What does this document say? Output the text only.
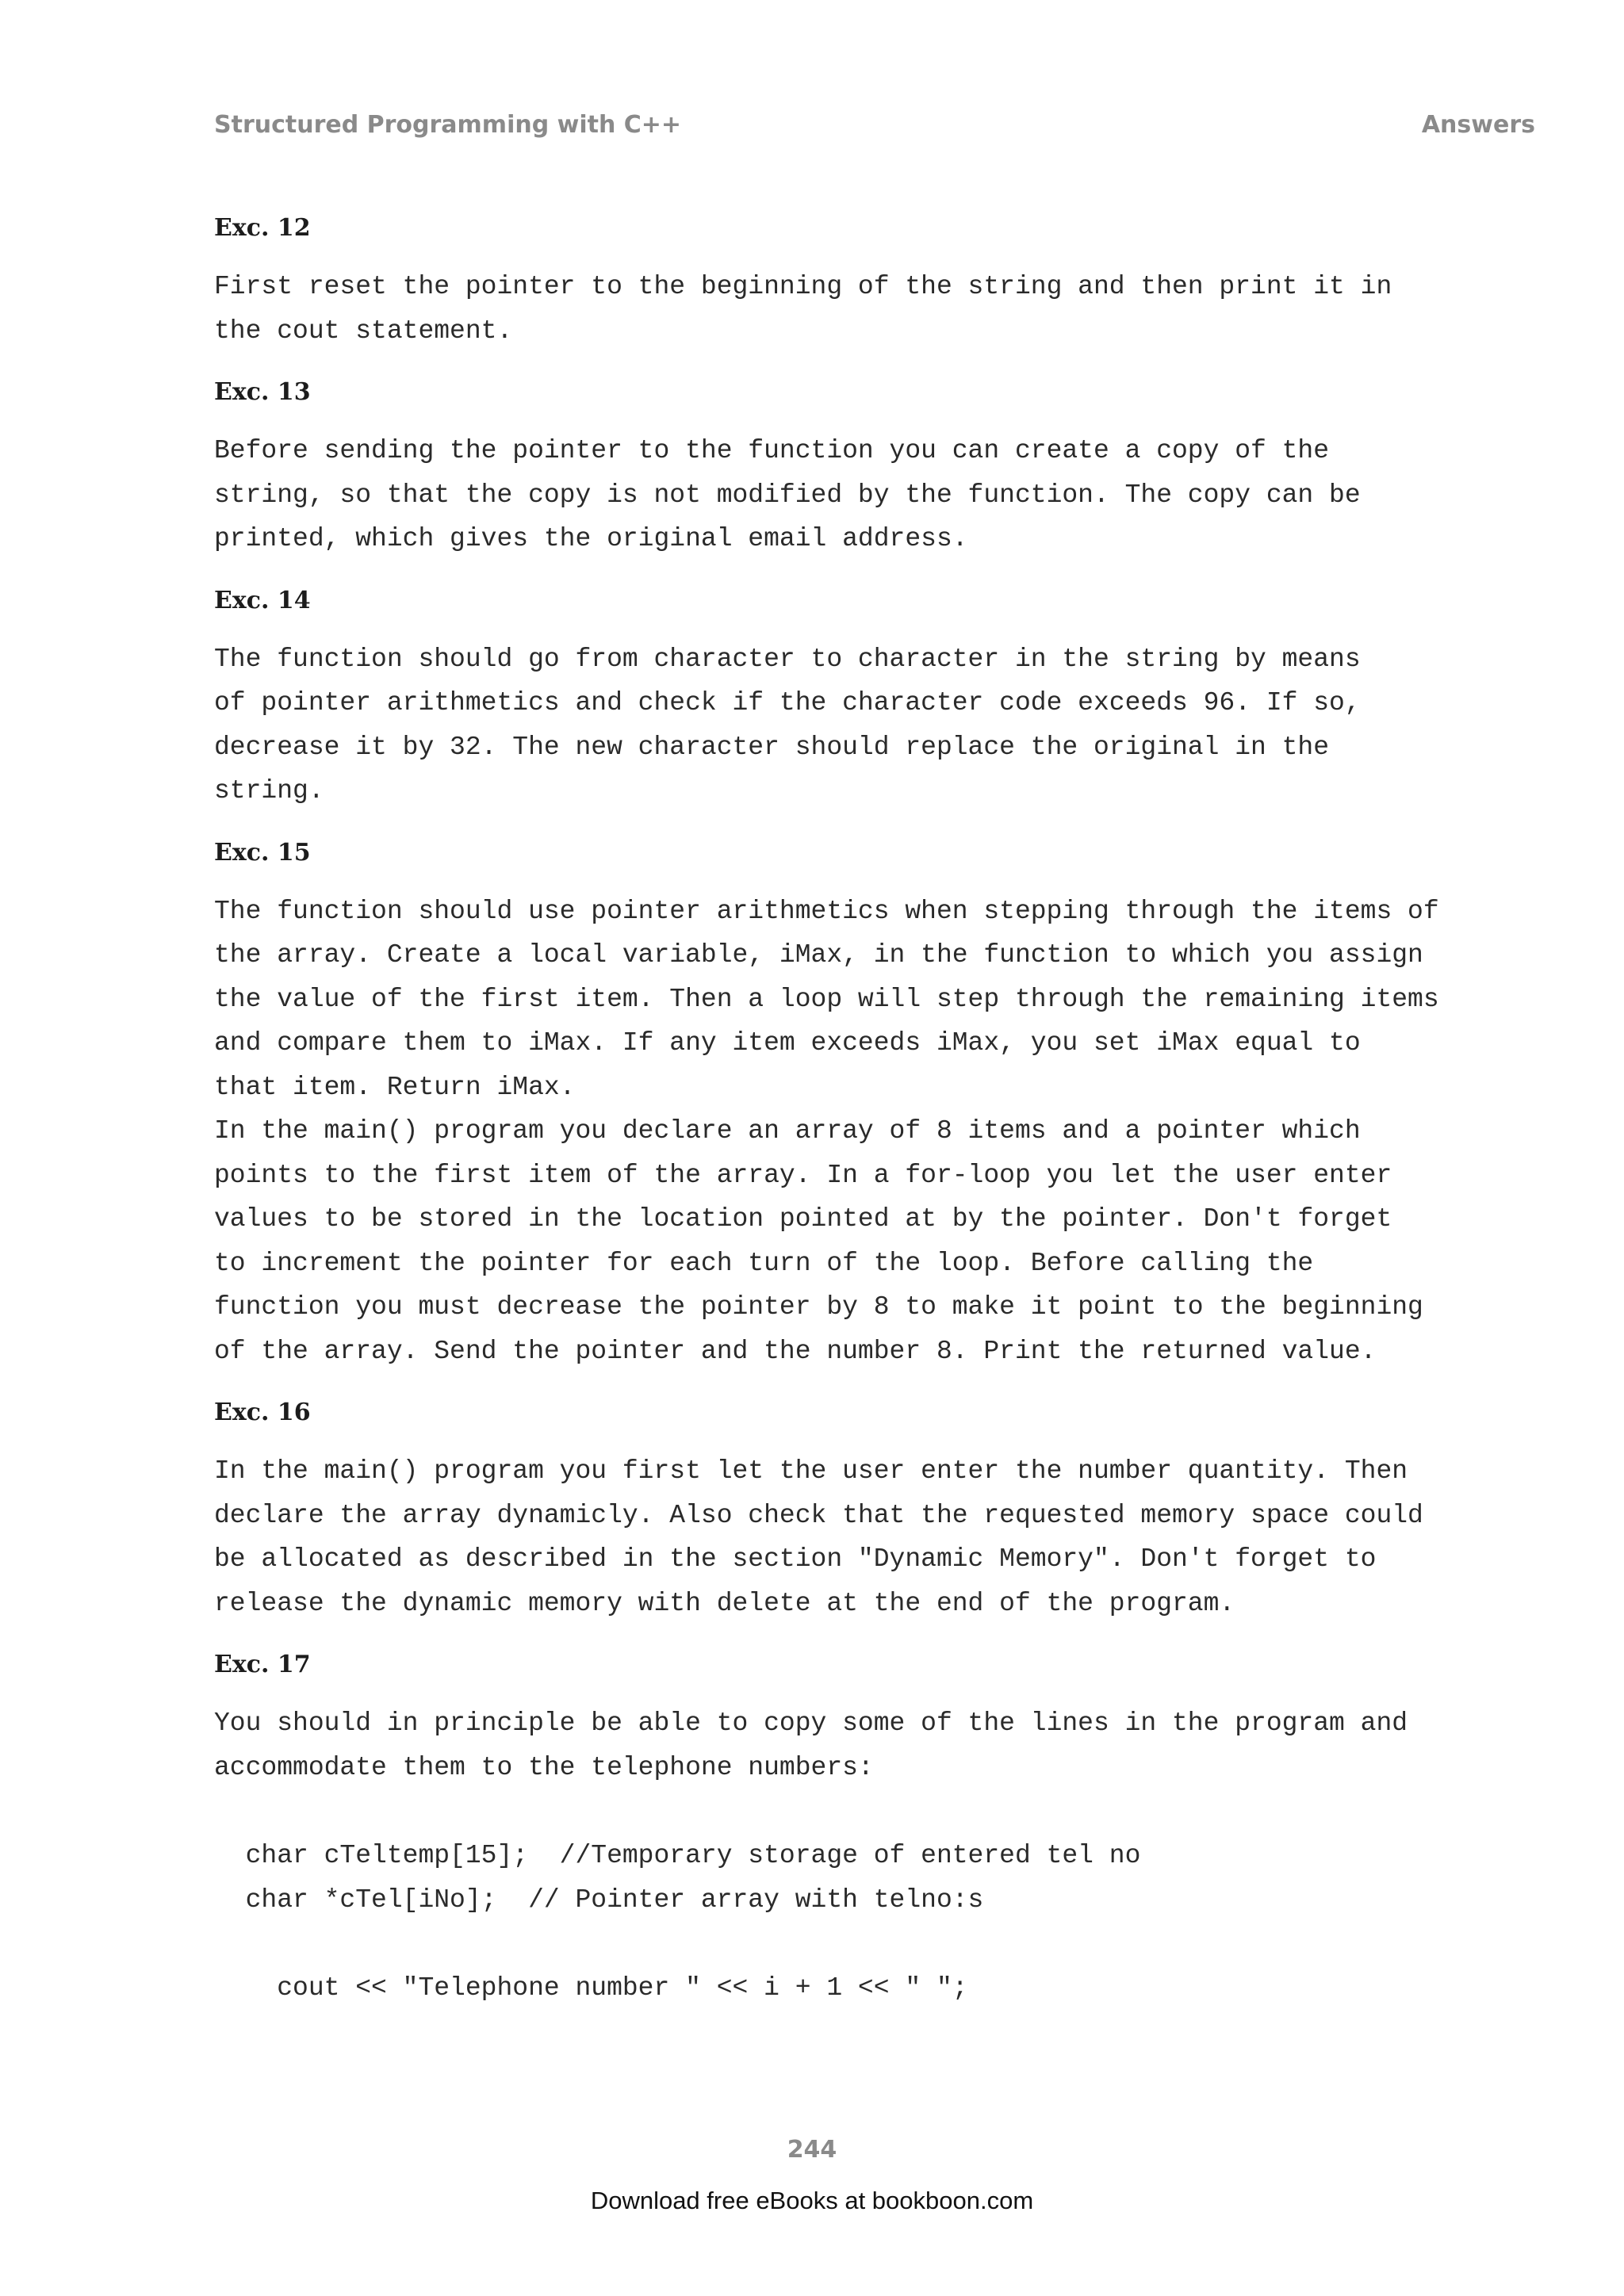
Structured Programming with C++	Answers
Exc. 12
First reset the pointer to the beginning of the string and then print it in
the cout statement.
Exc. 13
Before sending the pointer to the function you can create a copy of the
string, so that the copy is not modified by the function. The copy can be
printed, which gives the original email address.
Exc. 14
The function should go from character to character in the string by means
of pointer arithmetics and check if the character code exceeds 96. If so,
decrease it by 32. The new character should replace the original in the
string.
Exc. 15
The function should use pointer arithmetics when stepping through the items of
the array. Create a local variable, iMax, in the function to which you assign
the value of the first item. Then a loop will step through the remaining items
and compare them to iMax. If any item exceeds iMax, you set iMax equal to
that item. Return iMax.
In the main() program you declare an array of 8 items and a pointer which
points to the first item of the array. In a for-loop you let the user enter
values to be stored in the location pointed at by the pointer. Don't forget
to increment the pointer for each turn of the loop. Before calling the
function you must decrease the pointer by 8 to make it point to the beginning
of the array. Send the pointer and the number 8. Print the returned value.
Exc. 16
In the main() program you first let the user enter the number quantity. Then
declare the array dynamicly. Also check that the requested memory space could
be allocated as described in the section "Dynamic Memory". Don't forget to
release the dynamic memory with delete at the end of the program.
Exc. 17
You should in principle be able to copy some of the lines in the program and
accommodate them to the telephone numbers:
char cTeltemp[15];  //Temporary storage of entered tel no
char *cTel[iNo];  // Pointer array with telno:s

cout << "Telephone number " << i + 1 << " ";
244
Download free eBooks at bookboon.com
